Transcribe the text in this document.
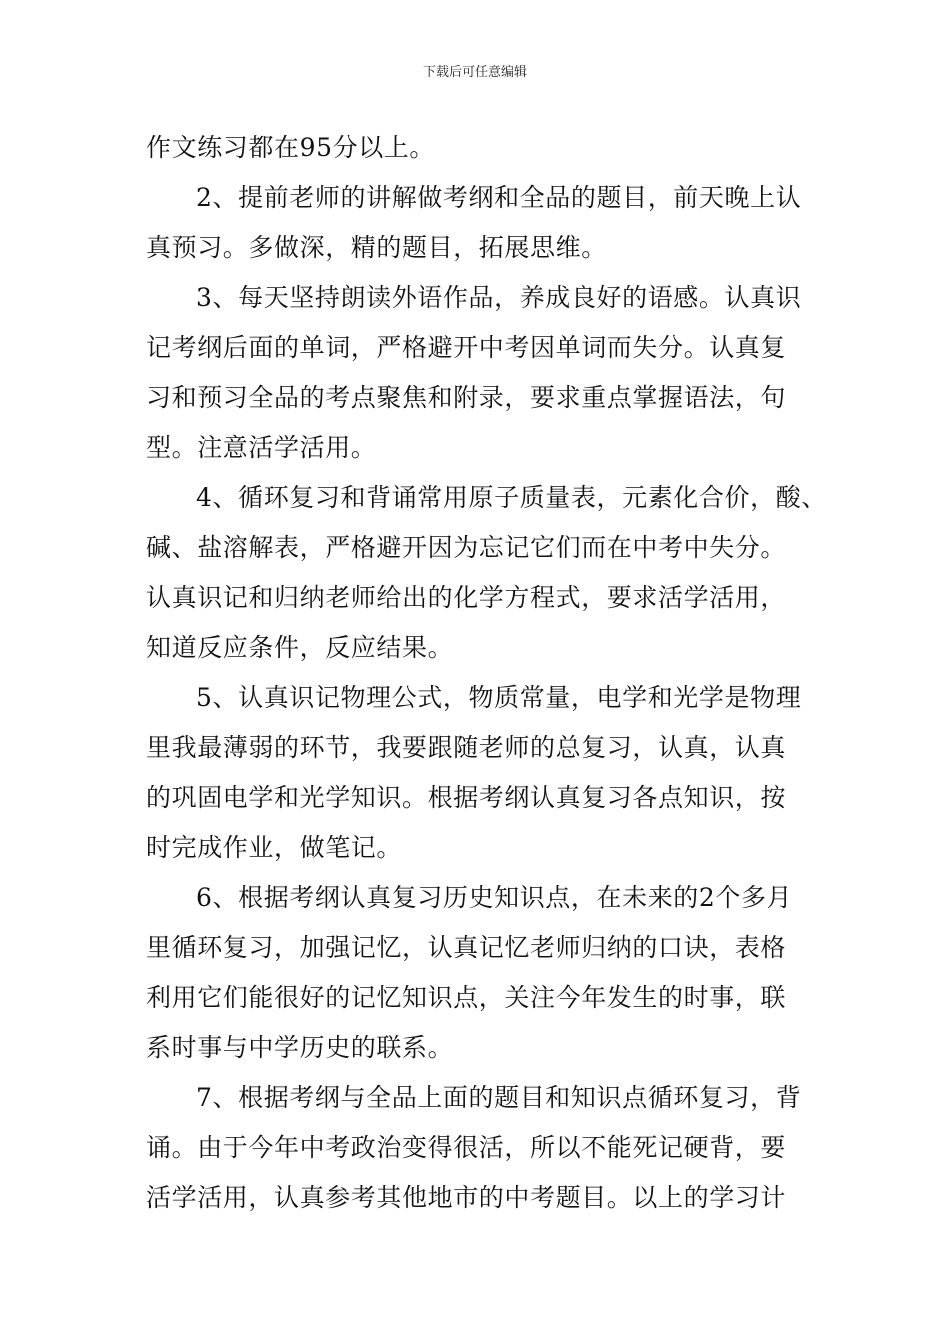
下载后可任意编辑
作文练习都在95分以上。
2、提前老师的讲解做考纲和全品的题目，前天晚上认
真预习。多做深，精的题目，拓展思维。
3、每天坚持朗读外语作品，养成良好的语感。认真识
记考纲后面的单词，严格避开中考因单词而失分。认真复
习和预习全品的考点聚焦和附录，要求重点掌握语法，句
型。注意活学活用。
4、循环复习和背诵常用原子质量表，元素化合价，酸、
碱、盐溶解表，严格避开因为忘记它们而在中考中失分。
认真识记和归纳老师给出的化学方程式，要求活学活用，
知道反应条件，反应结果。
5、认真识记物理公式，物质常量，电学和光学是物理
里我最薄弱的环节，我要跟随老师的总复习，认真，认真
的巩固电学和光学知识。根据考纲认真复习各点知识，按
时完成作业，做笔记。
6、根据考纲认真复习历史知识点，在未来的2个多月
里循环复习，加强记忆，认真记忆老师归纳的口诀，表格
利用它们能很好的记忆知识点，关注今年发生的时事，联
系时事与中学历史的联系。
7、根据考纲与全品上面的题目和知识点循环复习，背
诵。由于今年中考政治变得很活，所以不能死记硬背，要
活学活用，认真参考其他地市的中考题目。以上的学习计
